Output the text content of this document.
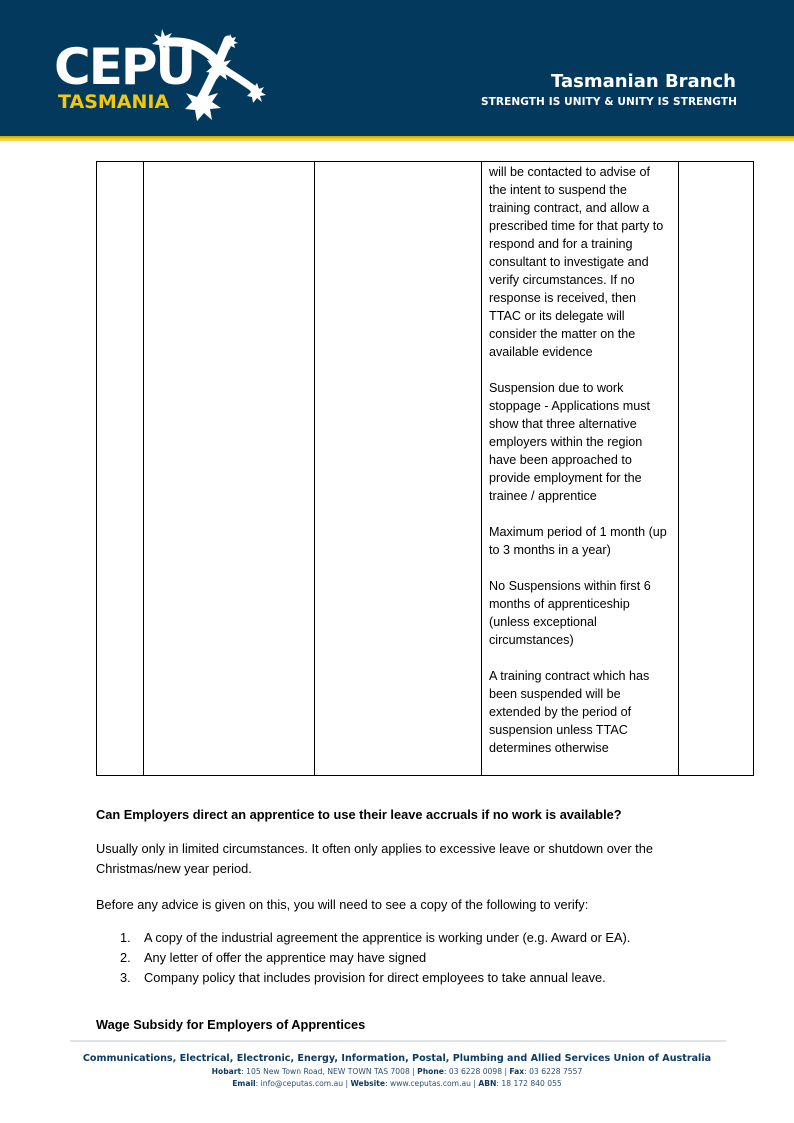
CEPU
TASMANIA
Tasmanian Branch
STRENGTH IS UNITY & UNITY IS STRENGTH

will be contacted to advise of the intent to suspend the training contract, and allow a prescribed time for that party to respond and for a training consultant to investigate and verify circumstances. If no response is received, then TTAC or its delegate will consider the matter on the available evidence

Suspension due to work stoppage - Applications must show that three alternative employers within the region have been approached to provide employment for the trainee / apprentice

Maximum period of 1 month (up to 3 months in a year)

No Suspensions within first 6 months of apprenticeship (unless exceptional circumstances)

A training contract which has been suspended will be extended by the period of suspension unless TTAC determines otherwise

Can Employers direct an apprentice to use their leave accruals if no work is available?
Usually only in limited circumstances. It often only applies to excessive leave or shutdown over the Christmas/new year period.
Before any advice is given on this, you will need to see a copy of the following to verify:
1. A copy of the industrial agreement the apprentice is working under (e.g. Award or EA).
2. Any letter of offer the apprentice may have signed
3. Company policy that includes provision for direct employees to take annual leave.
Wage Subsidy for Employers of Apprentices
Communications, Electrical, Electronic, Energy, Information, Postal, Plumbing and Allied Services Union of Australia
Hobart: 105 New Town Road, NEW TOWN TAS 7008 | Phone: 03 6228 0098 | Fax: 03 6228 7557
Email: info@ceputas.com.au | Website: www.ceputas.com.au | ABN: 18 172 840 055
